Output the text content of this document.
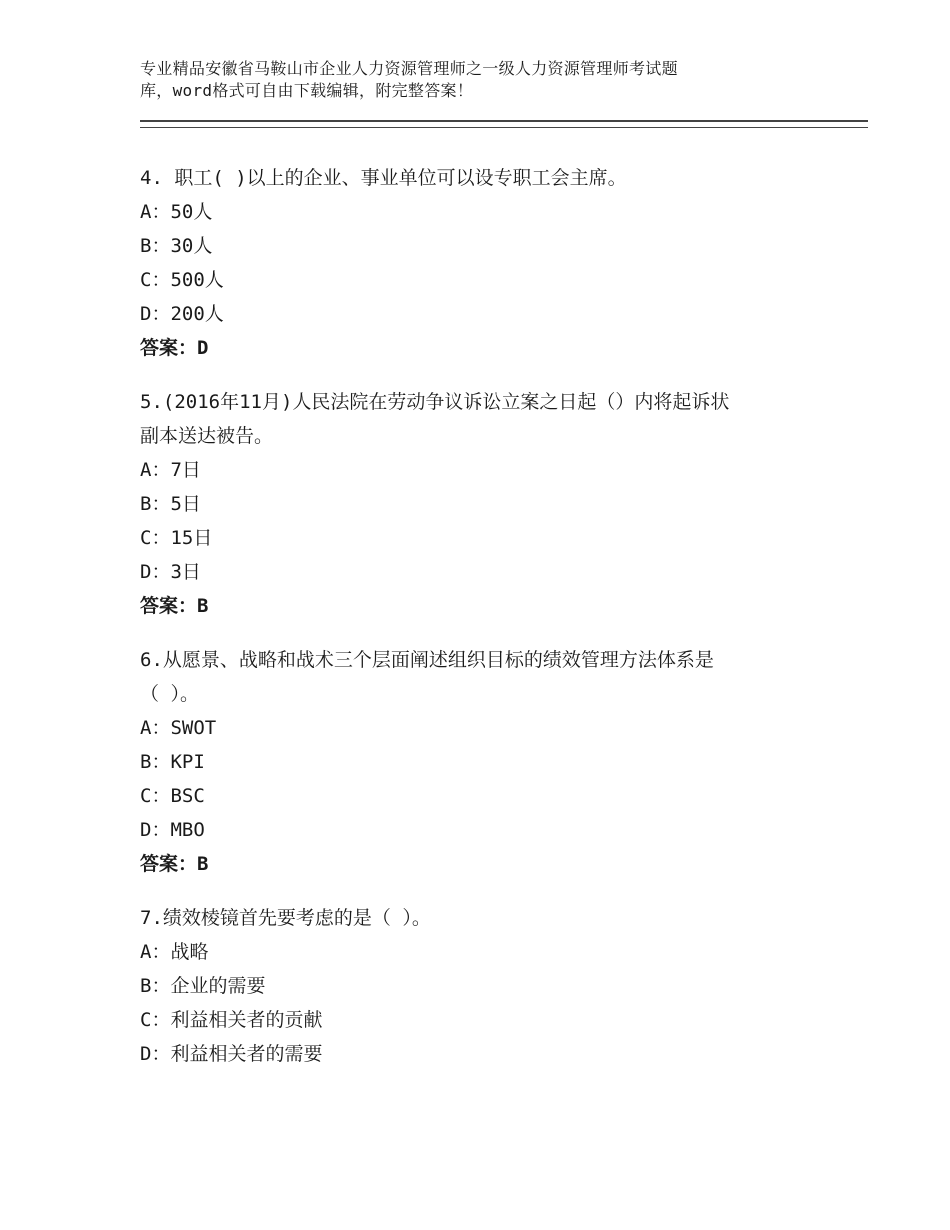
专业精品安徽省马鞍山市企业人力资源管理师之一级人力资源管理师考试题
库，word格式可自由下载编辑，附完整答案！

4. 职工( )以上的企业、事业单位可以设专职工会主席。

A：50人

B：30人

C：500人

D：200人

答案：D

5.(2016年11月)人民法院在劳动争议诉讼立案之日起（）内将起诉状

副本送达被告。

A：7日

B：5日

C：15日

D：3日

答案：B

6.从愿景、战略和战术三个层面阐述组织目标的绩效管理方法体系是

（ ）。

A：SWOT

B：KPI

C：BSC

D：MBO

答案：B

7.绩效棱镜首先要考虑的是（ ）。

A：战略

B：企业的需要

C：利益相关者的贡献

D：利益相关者的需要
